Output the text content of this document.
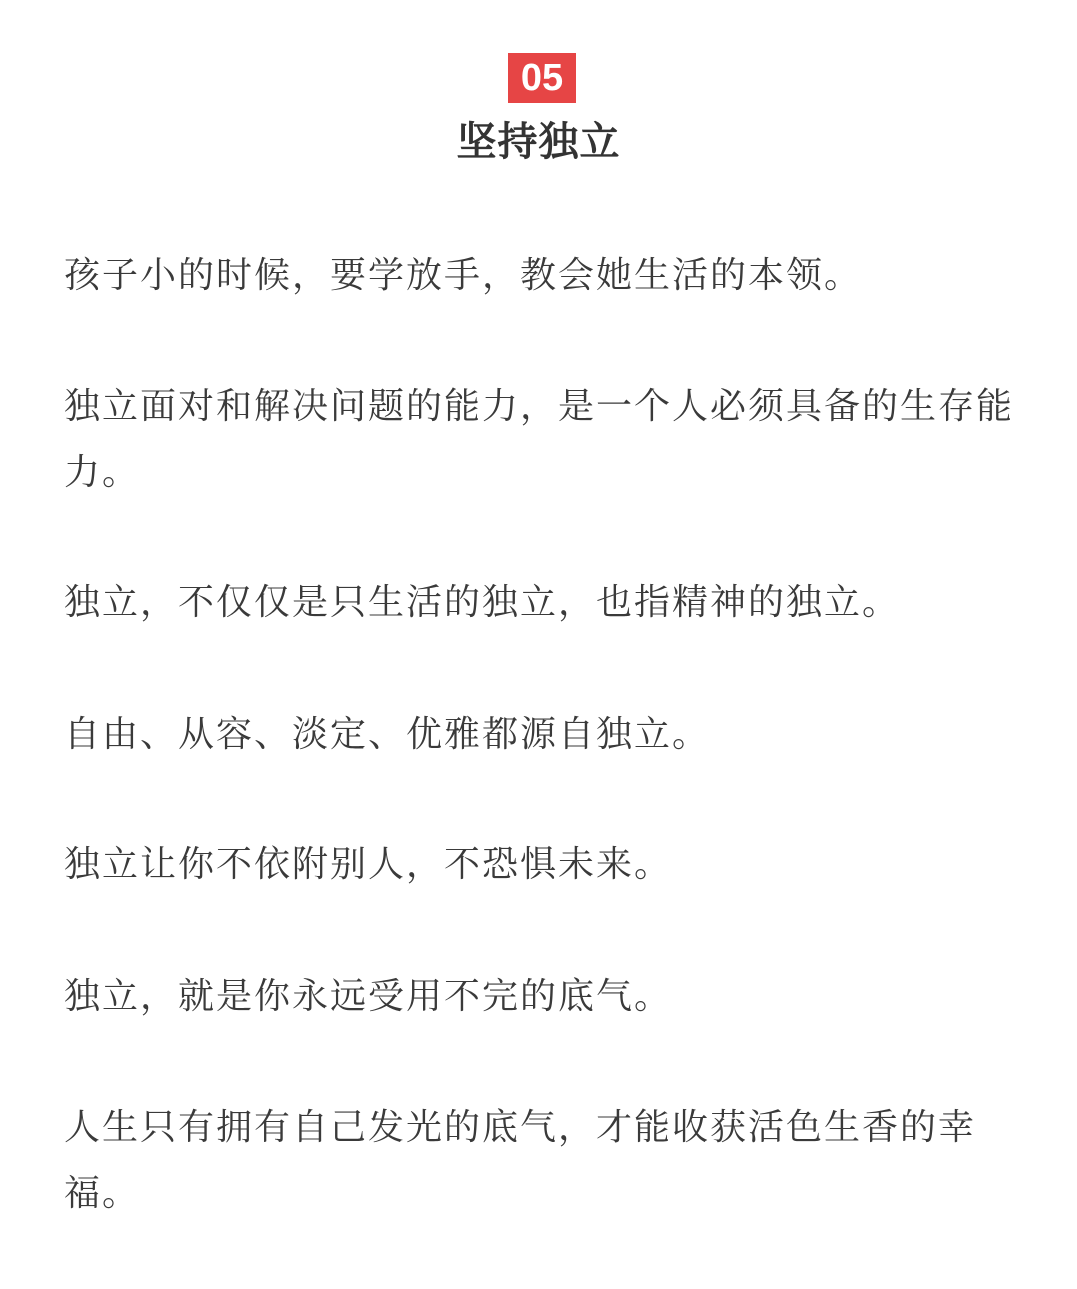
05
坚持独立

孩子小的时候，要学放手，教会她生活的本领。

独立面对和解决问题的能力，是一个人必须具备的生存能力。

独立，不仅仅是只生活的独立，也指精神的独立。

自由、从容、淡定、优雅都源自独立。

独立让你不依附别人，不恐惧未来。

独立，就是你永远受用不完的底气。

人生只有拥有自己发光的底气，才能收获活色生香的幸福。
